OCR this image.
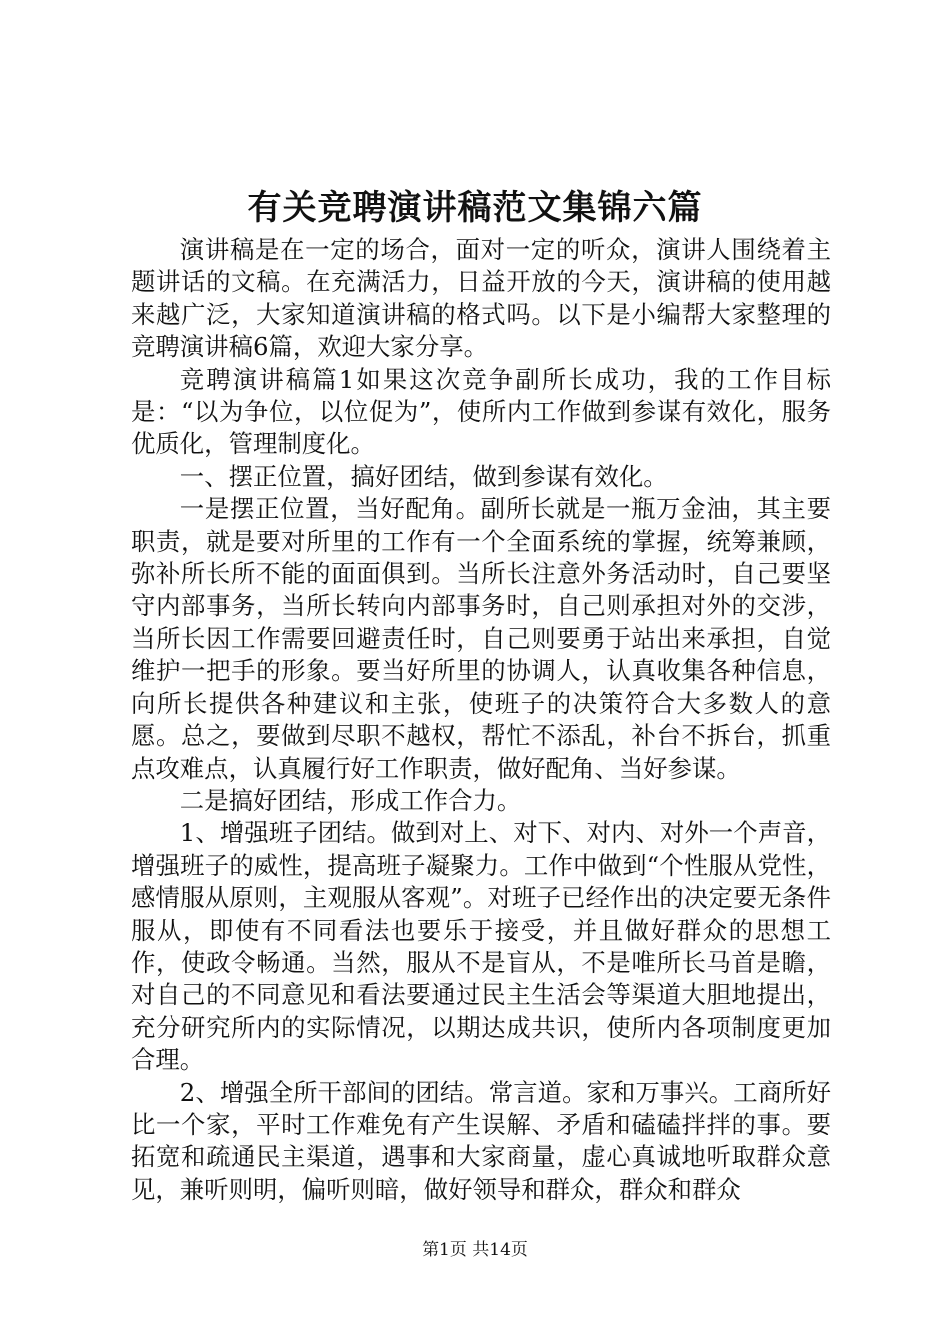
有关竞聘演讲稿范文集锦六篇

演讲稿是在一定的场合，面对一定的听众，演讲人围绕着主题讲话的文稿。在充满活力，日益开放的今天，演讲稿的使用越来越广泛，大家知道演讲稿的格式吗。以下是小编帮大家整理的竞聘演讲稿6篇，欢迎大家分享。

竞聘演讲稿篇1如果这次竞争副所长成功，我的工作目标是：“以为争位，以位促为”，使所内工作做到参谋有效化，服务优质化，管理制度化。

一、摆正位置，搞好团结，做到参谋有效化。

一是摆正位置，当好配角。副所长就是一瓶万金油，其主要职责，就是要对所里的工作有一个全面系统的掌握，统筹兼顾，弥补所长所不能的面面俱到。当所长注意外务活动时，自己要坚守内部事务，当所长转向内部事务时，自己则承担对外的交涉，当所长因工作需要回避责任时，自己则要勇于站出来承担，自觉维护一把手的形象。要当好所里的协调人，认真收集各种信息，向所长提供各种建议和主张，使班子的决策符合大多数人的意愿。总之，要做到尽职不越权，帮忙不添乱，补台不拆台，抓重点攻难点，认真履行好工作职责，做好配角、当好参谋。

二是搞好团结，形成工作合力。

1、增强班子团结。做到对上、对下、对内、对外一个声音，增强班子的威性，提高班子凝聚力。工作中做到“个性服从党性，感情服从原则，主观服从客观”。对班子已经作出的决定要无条件服从，即使有不同看法也要乐于接受，并且做好群众的思想工作，使政令畅通。当然，服从不是盲从，不是唯所长马首是瞻，对自己的不同意见和看法要通过民主生活会等渠道大胆地提出，充分研究所内的实际情况，以期达成共识，使所内各项制度更加合理。

2、增强全所干部间的团结。常言道。家和万事兴。工商所好比一个家，平时工作难免有产生误解、矛盾和磕磕拌拌的事。要拓宽和疏通民主渠道，遇事和大家商量，虚心真诚地听取群众意见，兼听则明，偏听则暗，做好领导和群众，群众和群众

第1页 共14页
